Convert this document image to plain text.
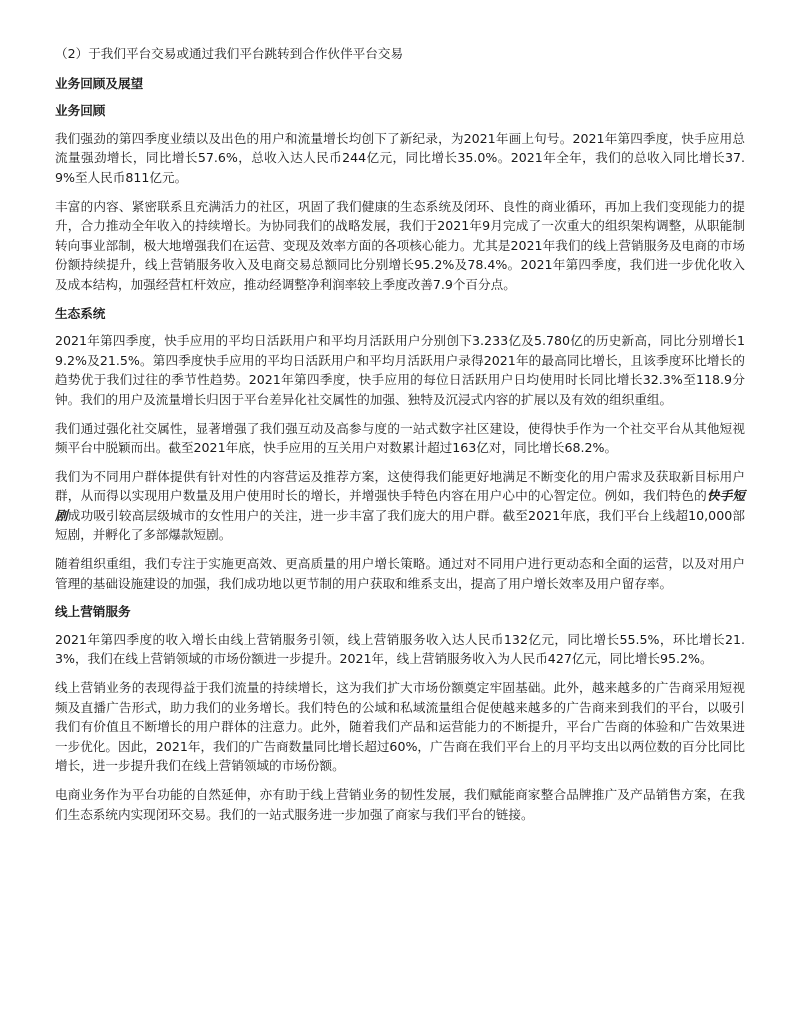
（2）于我们平台交易或通过我们平台跳转到合作伙伴平台交易

业务回顾及展望

业务回顾

我们强劲的第四季度业绩以及出色的用户和流量增长均创下了新纪录，为2021年画上句号。2021年第四季度，快手应用总流量强劲增长，同比增长57.6%，总收入达人民币244亿元，同比增长35.0%。2021年全年，我们的总收入同比增长37.9%至人民币811亿元。

丰富的内容、紧密联系且充满活力的社区，巩固了我们健康的生态系统及闭环、良性的商业循环，再加上我们变现能力的提升，合力推动全年收入的持续增长。为协同我们的战略发展，我们于2021年9月完成了一次重大的组织架构调整，从职能制转向事业部制，极大地增强我们在运营、变现及效率方面的各项核心能力。尤其是2021年我们的线上营销服务及电商的市场份额持续提升，线上营销服务收入及电商交易总额同比分别增长95.2%及78.4%。2021年第四季度，我们进一步优化收入及成本结构，加强经营杠杆效应，推动经调整净利润率较上季度改善7.9个百分点。

生态系统

2021年第四季度，快手应用的平均日活跃用户和平均月活跃用户分别创下3.233亿及5.780亿的历史新高，同比分别增长19.2%及21.5%。第四季度快手应用的平均日活跃用户和平均月活跃用户录得2021年的最高同比增长，且该季度环比增长的趋势优于我们过往的季节性趋势。2021年第四季度，快手应用的每位日活跃用户日均使用时长同比增长32.3%至118.9分钟。我们的用户及流量增长归因于平台差异化社交属性的加强、独特及沉浸式内容的扩展以及有效的组织重组。

我们通过强化社交属性，显著增强了我们强互动及高参与度的一站式数字社区建设，使得快手作为一个社交平台从其他短视频平台中脱颖而出。截至2021年底，快手应用的互关用户对数累计超过163亿对，同比增长68.2%。

我们为不同用户群体提供有针对性的内容营运及推荐方案，这使得我们能更好地满足不断变化的用户需求及获取新目标用户群，从而得以实现用户数量及用户使用时长的增长，并增强快手特色内容在用户心中的心智定位。例如，我们特色的快手短剧成功吸引较高层级城市的女性用户的关注，进一步丰富了我们庞大的用户群。截至2021年底，我们平台上线超10,000部短剧，并孵化了多部爆款短剧。

随着组织重组，我们专注于实施更高效、更高质量的用户增长策略。通过对不同用户进行更动态和全面的运营，以及对用户管理的基础设施建设的加强，我们成功地以更节制的用户获取和维系支出，提高了用户增长效率及用户留存率。

线上营销服务

2021年第四季度的收入增长由线上营销服务引领，线上营销服务收入达人民币132亿元，同比增长55.5%，环比增长21.3%，我们在线上营销领域的市场份额进一步提升。2021年，线上营销服务收入为人民币427亿元，同比增长95.2%。

线上营销业务的表现得益于我们流量的持续增长，这为我们扩大市场份额奠定牢固基础。此外，越来越多的广告商采用短视频及直播广告形式，助力我们的业务增长。我们特色的公域和私域流量组合促使越来越多的广告商来到我们的平台，以吸引我们有价值且不断增长的用户群体的注意力。此外，随着我们产品和运营能力的不断提升，平台广告商的体验和广告效果进一步优化。因此，2021年，我们的广告商数量同比增长超过60%，广告商在我们平台上的月平均支出以两位数的百分比同比增长，进一步提升我们在线上营销领域的市场份额。

电商业务作为平台功能的自然延伸，亦有助于线上营销业务的韧性发展，我们赋能商家整合品牌推广及产品销售方案，在我们生态系统内实现闭环交易。我们的一站式服务进一步加强了商家与我们平台的链接。
